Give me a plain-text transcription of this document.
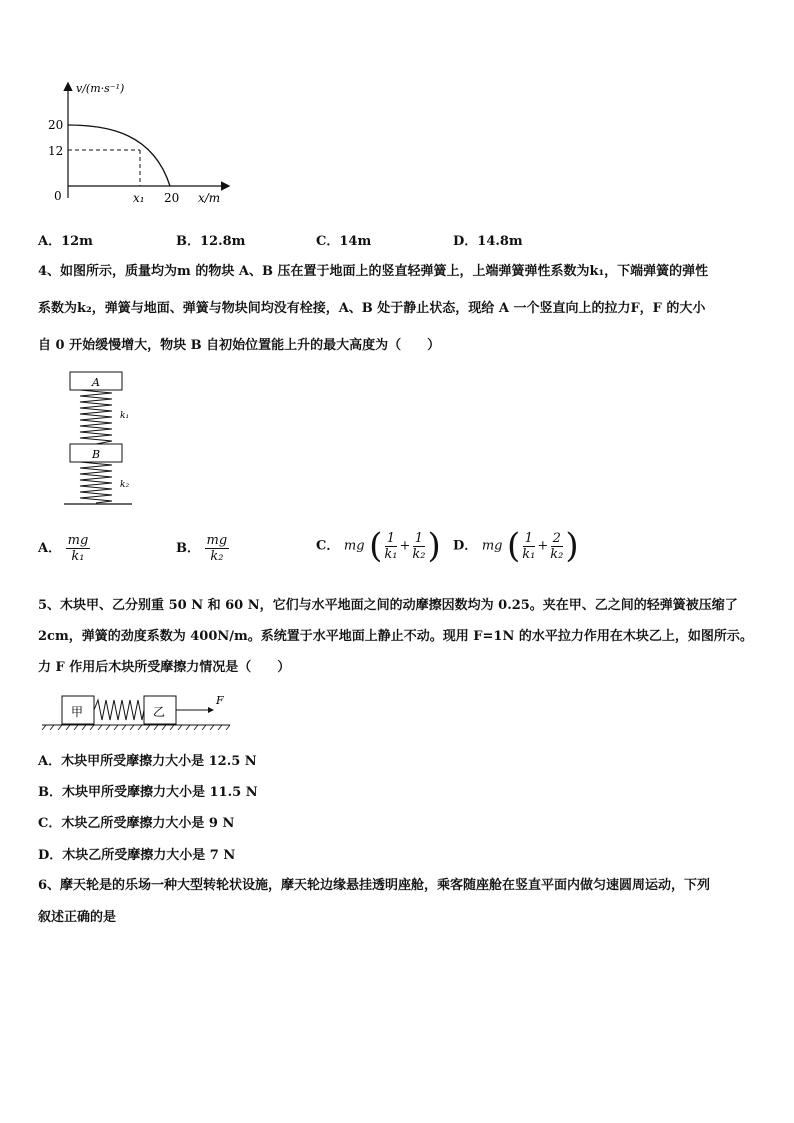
v/(m·s⁻¹)
20
12
0	x₁ 20 x/m
A．12m	B．12.8m	C．14m	D．14.8m
4、如图所示，质量均为m 的物块 A、B 压在置于地面上的竖直轻弹簧上，上端弹簧弹性系数为k₁，下端弹簧的弹性
系数为k₂，弹簧与地面、弹簧与物块间均没有栓接，A、B 处于静止状态，现给 A 一个竖直向上的拉力F，F 的大小
自 0 开始缓慢增大，物块 B 自初始位置能上升的最大高度为（　　）
A
k₁
B
k₂
A． $\frac{mg}{\text{k₁}}$	B． $\frac{mg}{\text{k₂}}$	C． mg ( $\frac{1}{\text{k₁}} + \frac{1}{\text{k₂}}$ ) D． mg ( $\frac{1}{\text{k₁}} + \frac{2}{\text{k₂}}$ )
5、木块甲、乙分别重 50 N 和 60 N，它们与水平地面之间的动摩擦因数均为 0.25。夹在甲、乙之间的轻弹簧被压缩了
2cm，弹簧的劲度系数为 400N/m。系统置于水平地面上静止不动。现用 F=1N 的水平拉力作用在木块乙上，如图所示。
力 F 作用后木块所受摩擦力情况是（　　）
甲	乙
F
A．木块甲所受摩擦力大小是 12.5 N
B．木块甲所受摩擦力大小是 11.5 N
C．木块乙所受摩擦力大小是 9 N
D．木块乙所受摩擦力大小是 7 N
6、摩天轮是的乐场一种大型转轮状设施，摩天轮边缘悬挂透明座舱，乘客随座舱在竖直平面内做匀速圆周运动，下列
叙述正确的是
